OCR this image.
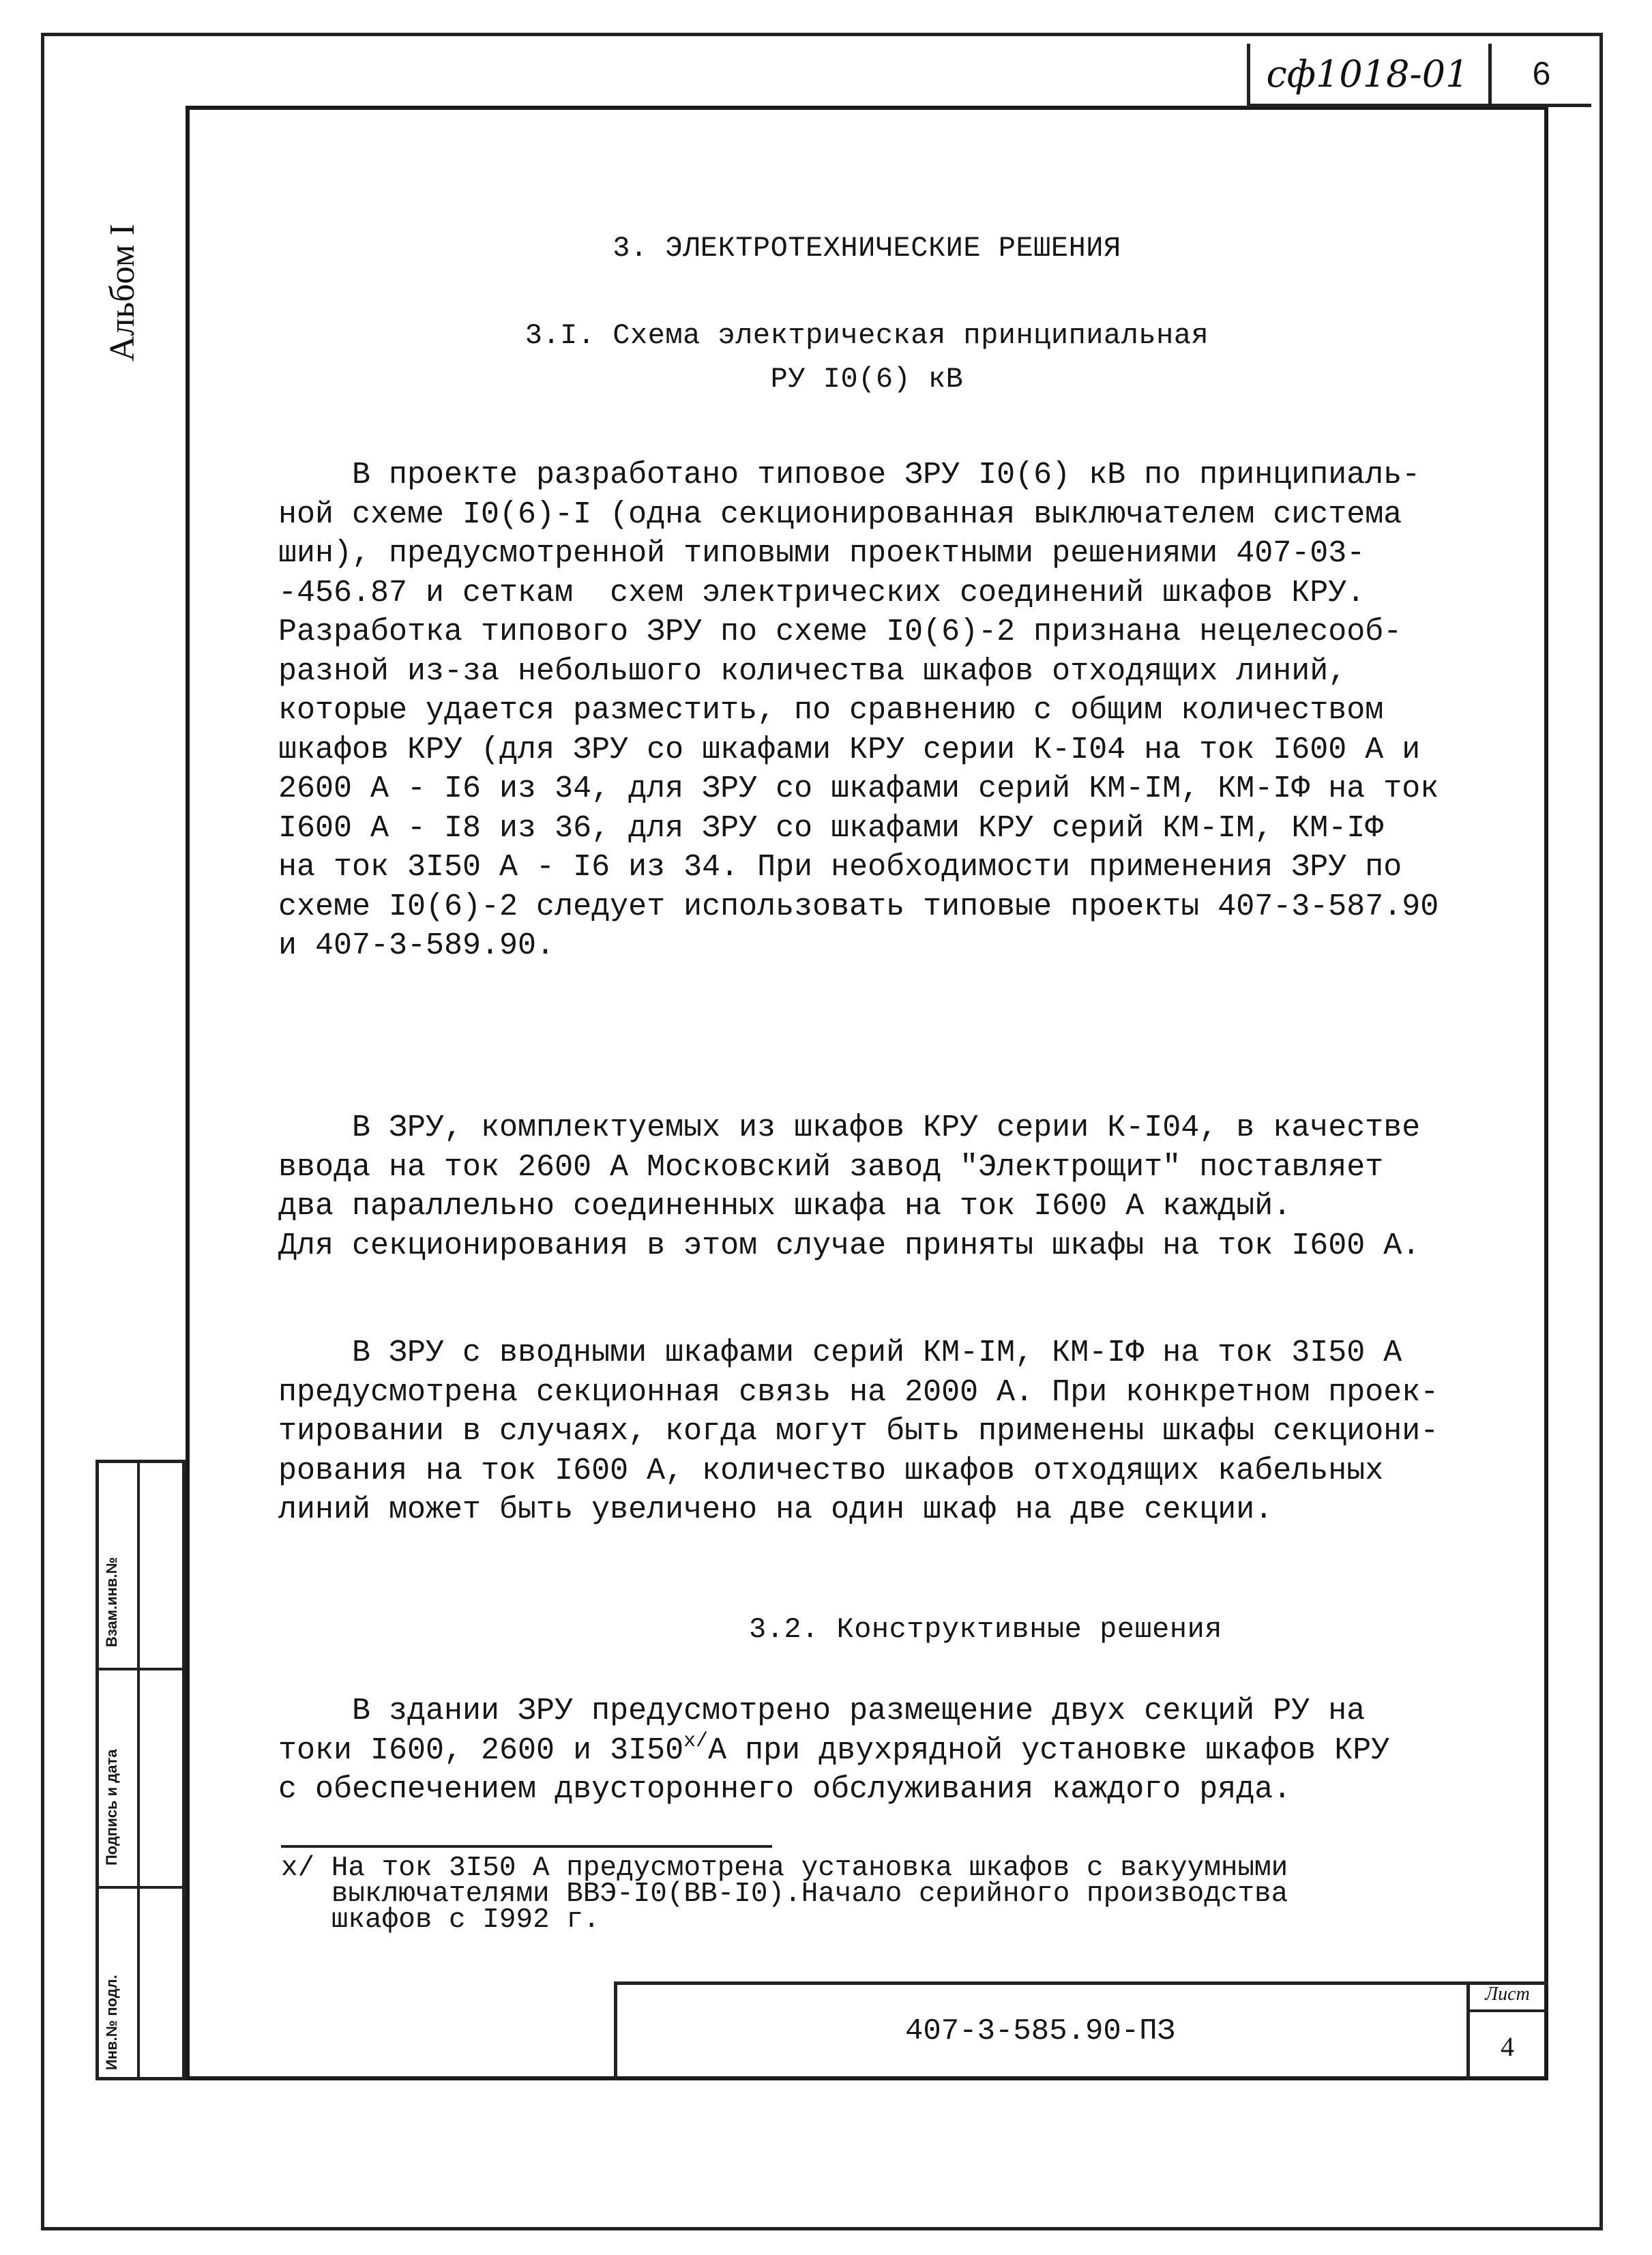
сф1018-01	6
Альбом I
Взам.инв.№
Подпись и дата
Инв.№ подл.
3. ЭЛЕКТРОТЕХНИЧЕСКИЕ РЕШЕНИЯ
3.I. Схема электрическая принципиальная
РУ I0(6) кВ
В проекте разработано типовое ЗРУ I0(6) кВ по принципиаль-
ной схеме I0(6)-I (одна секционированная выключателем система
шин), предусмотренной типовыми проектными решениями 407-03-
-456.87 и сеткам  схем электрических соединений шкафов КРУ.
Разработка типового ЗРУ по схеме I0(6)-2 признана нецелесооб-
разной из-за небольшого количества шкафов отходящих линий,
которые удается разместить, по сравнению с общим количеством
шкафов КРУ (для ЗРУ со шкафами КРУ серии К-I04 на ток I600 А и
2600 А - I6 из 34, для ЗРУ со шкафами серий КМ-IМ, КМ-IФ на ток
I600 А - I8 из 36, для ЗРУ со шкафами КРУ серий КМ-IМ, КМ-IФ
на ток 3I50 А - I6 из 34. При необходимости применения ЗРУ по
схеме I0(6)-2 следует использовать типовые проекты 407-3-587.90
и 407-3-589.90.
В ЗРУ, комплектуемых из шкафов КРУ серии К-I04, в качестве
ввода на ток 2600 А Московский завод "Электрощит" поставляет
два параллельно соединенных шкафа на ток I600 А каждый.
Для секционирования в этом случае приняты шкафы на ток I600 А.
В ЗРУ с вводными шкафами серий КМ-IМ, КМ-IФ на ток 3I50 А
предусмотрена секционная связь на 2000 А. При конкретном проек-
тировании в случаях, когда могут быть применены шкафы секциони-
рования на ток I600 А, количество шкафов отходящих кабельных
линий может быть увеличено на один шкаф на две секции.
3.2. Конструктивные решения
В здании ЗРУ предусмотрено размещение двух секций РУ на
токи I600, 2600 и $3I50^{х/}А$ при двухрядной установке шкафов КРУ
с обеспечением двустороннего обслуживания каждого ряда.
х/ На ток 3I50 А предусмотрена установка шкафов с вакуумными
выключателями ВВЭ-I0(ВВ-I0).Начало серийного производства
шкафов с I992 г.
407-3-585.90-ПЗ
Лист
4
